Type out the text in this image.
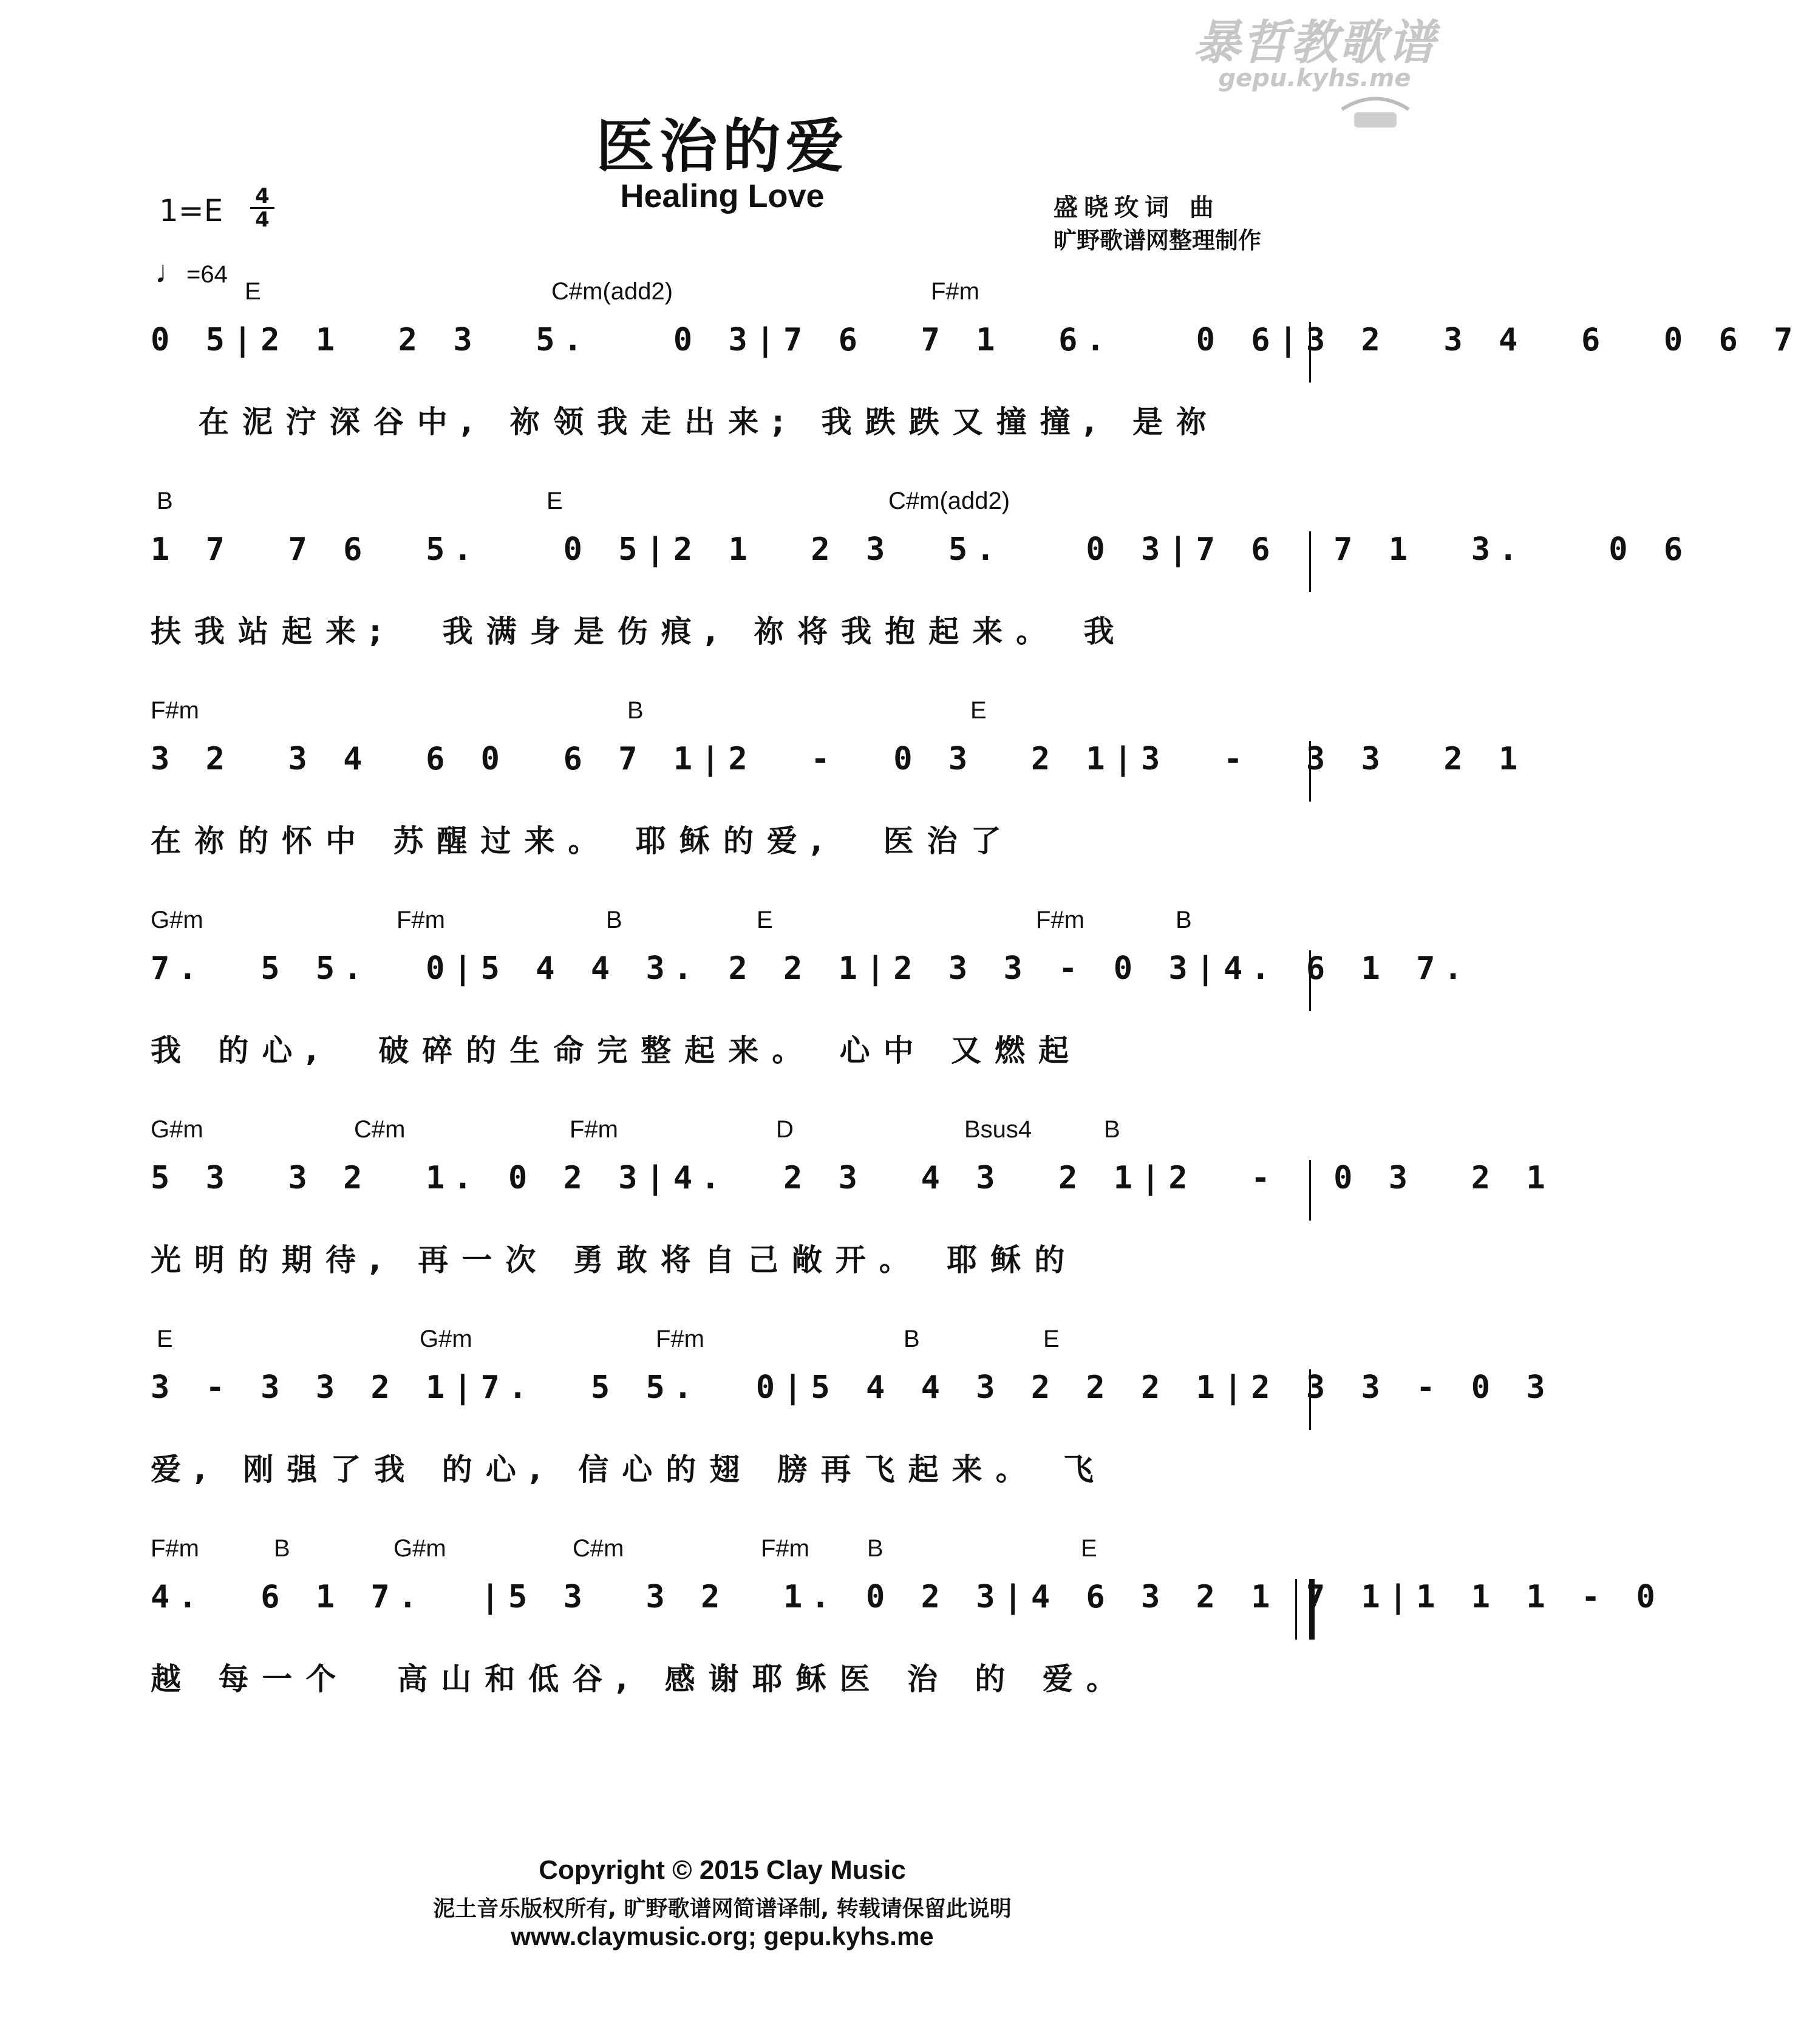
暴哲教歌谱
gepu.kyhs.me
医治的爱
Healing Love
1=E 4
4
♩=64
盛晓玫词 曲
旷野歌谱网整理制作
E	C#m(add2)	F#m
0 5|2 1  2 3  5.   0 3|7 6  7 1  6.   0 6|3 2  3 4  6  0 6 7
在泥泞深谷中, 祢领我走出来; 我跌跌又撞撞, 是祢
B	E	C#m(add2)
1 7  7 6  5.   0 5|2 1  2 3  5.   0 3|7 6  7 1  3.   0 6
扶我站起来;  我满身是伤痕, 祢将我抱起来。 我
F#m	B	E
3 2  3 4  6 0  6 7 1|2  -  0 3  2 1|3  -  3 3  2 1
在祢的怀中 苏醒过来。 耶稣的爱,  医治了
G#m	F#m	B	E	F#m	B
7.  5 5.  0|5 4 4 3. 2 2 1|2 3 3 - 0 3|4. 6 1 7.
我 的心,  破碎的生命完整起来。 心中 又燃起
G#m	C#m	F#m	D	Bsus4	B
5 3  3 2  1. 0 2 3|4.  2 3  4 3  2 1|2  -  0 3  2 1
光明的期待, 再一次 勇敢将自己敞开。 耶稣的
E	G#m	F#m	B	E
3 - 3 3 2 1|7.  5 5.  0|5 4 4 3 2 2 2 1|2 3 3 - 0 3
爱, 刚强了我 的心, 信心的翅 膀再飞起来。 飞
F#m	B	G#m	C#m	F#m B	E
4.  6 1 7.  |5 3  3 2  1. 0 2 3|4 6 3 2 1 7 1|1 1 1 - 0
越 每一个  高山和低谷, 感谢耶稣医 治 的 爱。
Copyright © 2015 Clay Music
泥土音乐版权所有, 旷野歌谱网简谱译制, 转载请保留此说明
www.claymusic.org; gepu.kyhs.me
